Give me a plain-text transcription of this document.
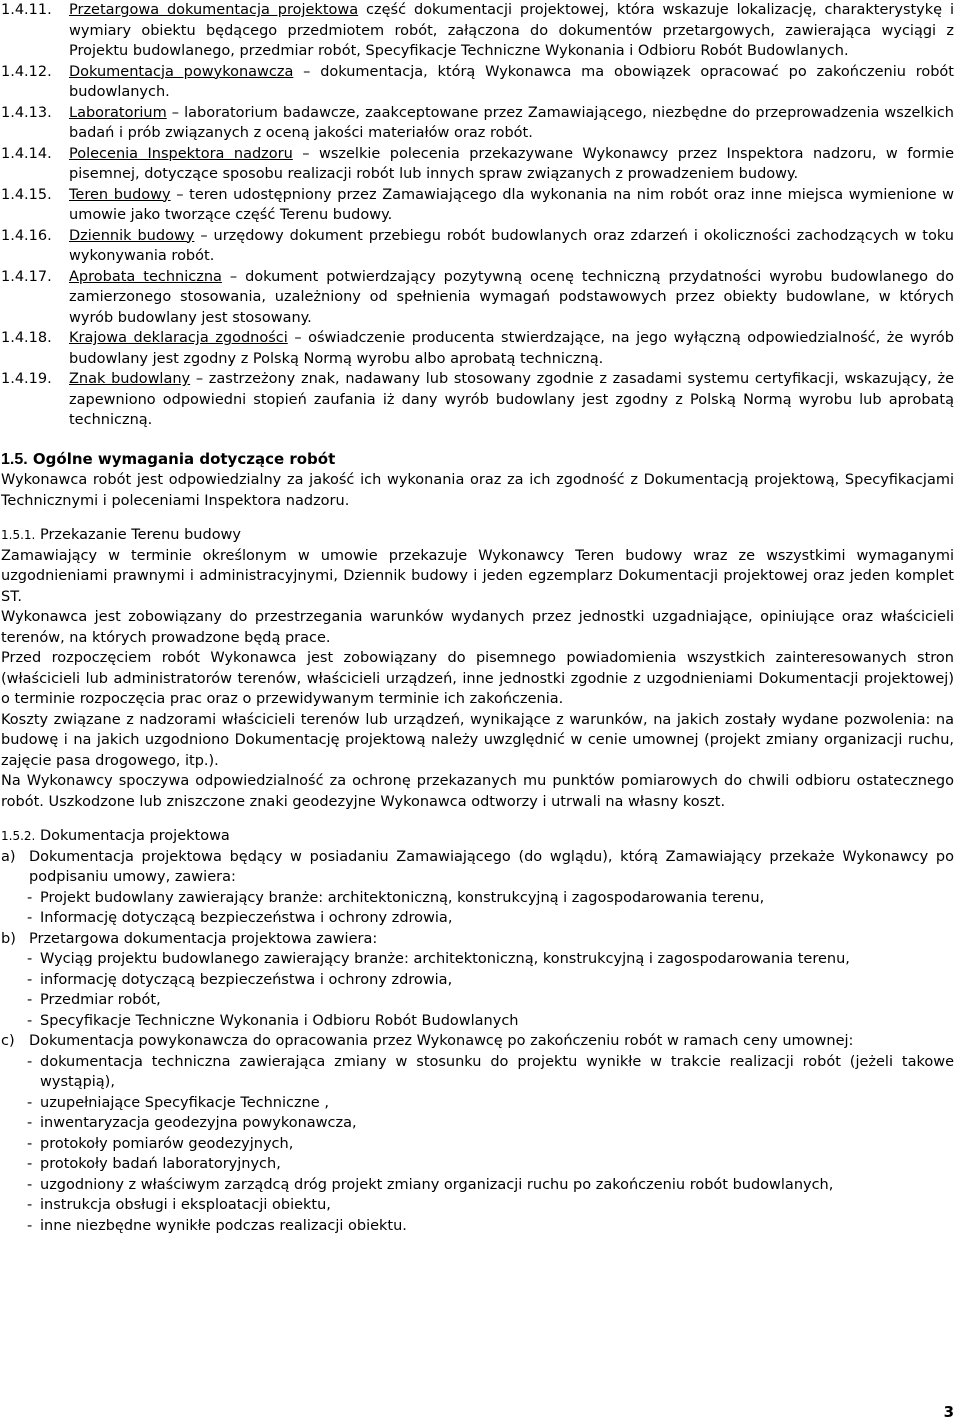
1.4.11.	Przetargowa dokumentacja projektowa część dokumentacji projektowej, która wskazuje lokalizację, charakterystykę i wymiary obiektu będącego przedmiotem robót, załączona do dokumentów przetargowych, zawierająca wyciągi z Projektu budowlanego, przedmiar robót, Specyfikacje Techniczne Wykonania i Odbioru Robót Budowlanych.
1.4.12.	Dokumentacja powykonawcza – dokumentacja, którą Wykonawca ma obowiązek opracować po zakończeniu robót budowlanych.
1.4.13.	Laboratorium – laboratorium badawcze, zaakceptowane przez Zamawiającego, niezbędne do przeprowadzenia wszelkich badań i prób związanych z oceną jakości materiałów oraz robót.
1.4.14.	Polecenia Inspektora nadzoru – wszelkie polecenia przekazywane Wykonawcy przez Inspektora nadzoru, w formie pisemnej, dotyczące sposobu realizacji robót lub innych spraw związanych z prowadzeniem budowy.
1.4.15.	Teren budowy – teren udostępniony przez Zamawiającego dla wykonania na nim robót oraz inne miejsca wymienione w umowie jako tworzące część Terenu budowy.
1.4.16.	Dziennik budowy – urzędowy dokument przebiegu robót budowlanych oraz zdarzeń i okoliczności zachodzących w toku wykonywania robót.
1.4.17.	Aprobata techniczna – dokument potwierdzający pozytywną ocenę techniczną przydatności wyrobu budowlanego do zamierzonego stosowania, uzależniony od spełnienia wymagań podstawowych przez obiekty budowlane, w których wyrób budowlany jest stosowany.
1.4.18.	Krajowa deklaracja zgodności – oświadczenie producenta stwierdzające, na jego wyłączną odpowiedzialność, że wyrób budowlany jest zgodny z Polską Normą wyrobu albo aprobatą techniczną.
1.4.19.	Znak budowlany – zastrzeżony znak, nadawany lub stosowany zgodnie z zasadami systemu certyfikacji, wskazujący, że zapewniono odpowiedni stopień zaufania iż dany wyrób budowlany jest zgodny z Polską Normą wyrobu lub aprobatą techniczną.
1.5. Ogólne wymagania dotyczące robót

Wykonawca robót jest odpowiedzialny za jakość ich wykonania oraz za ich zgodność z Dokumentacją projektową, Specyfikacjami Technicznymi i poleceniami Inspektora nadzoru.

1.5.1. Przekazanie Terenu budowy

Zamawiający w terminie określonym w umowie przekazuje Wykonawcy Teren budowy wraz ze wszystkimi wymaganymi uzgodnieniami prawnymi i administracyjnymi, Dziennik budowy i jeden egzemplarz Dokumentacji projektowej oraz jeden komplet ST.

Wykonawca jest zobowiązany do przestrzegania warunków wydanych przez jednostki uzgadniające, opiniujące oraz właścicieli terenów, na których prowadzone będą prace.

Przed rozpoczęciem robót Wykonawca jest zobowiązany do pisemnego powiadomienia wszystkich zainteresowanych stron (właścicieli lub administratorów terenów, właścicieli urządzeń, inne jednostki zgodnie z uzgodnieniami Dokumentacji projektowej) o terminie rozpoczęcia prac oraz o przewidywanym terminie ich zakończenia.

Koszty związane z nadzorami właścicieli terenów lub urządzeń, wynikające z warunków, na jakich zostały wydane pozwolenia: na budowę i na jakich uzgodniono Dokumentację projektową należy uwzględnić w cenie umownej (projekt zmiany organizacji ruchu, zajęcie pasa drogowego, itp.).

Na Wykonawcy spoczywa odpowiedzialność za ochronę przekazanych mu punktów pomiarowych do chwili odbioru ostatecznego robót. Uszkodzone lub zniszczone znaki geodezyjne Wykonawca odtworzy i utrwali na własny koszt.

1.5.2. Dokumentacja projektowa
a) Dokumentacja projektowa będący w posiadaniu Zamawiającego (do wglądu), którą Zamawiający przekaże Wykonawcy po podpisaniu umowy, zawiera:
- Projekt budowlany zawierający branże: architektoniczną, konstrukcyjną i zagospodarowania terenu,
- Informację dotyczącą bezpieczeństwa i ochrony zdrowia,
b) Przetargowa dokumentacja projektowa zawiera:
- Wyciąg projektu budowlanego zawierający branże: architektoniczną, konstrukcyjną i zagospodarowania terenu,
- informację dotyczącą bezpieczeństwa i ochrony zdrowia,
- Przedmiar robót,
- Specyfikacje Techniczne Wykonania i Odbioru Robót Budowlanych
c) Dokumentacja powykonawcza do opracowania przez Wykonawcę po zakończeniu robót w ramach ceny umownej:
- dokumentacja techniczna zawierająca zmiany w stosunku do projektu wynikłe w trakcie realizacji robót (jeżeli takowe wystąpią),
- uzupełniające Specyfikacje Techniczne ,
- inwentaryzacja geodezyjna powykonawcza,
- protokoły pomiarów geodezyjnych,
- protokoły badań laboratoryjnych,
- uzgodniony z właściwym zarządcą dróg projekt zmiany organizacji ruchu po zakończeniu robót budowlanych,
- instrukcja obsługi i eksploatacji obiektu,
- inne niezbędne wynikłe podczas realizacji obiektu.
3
